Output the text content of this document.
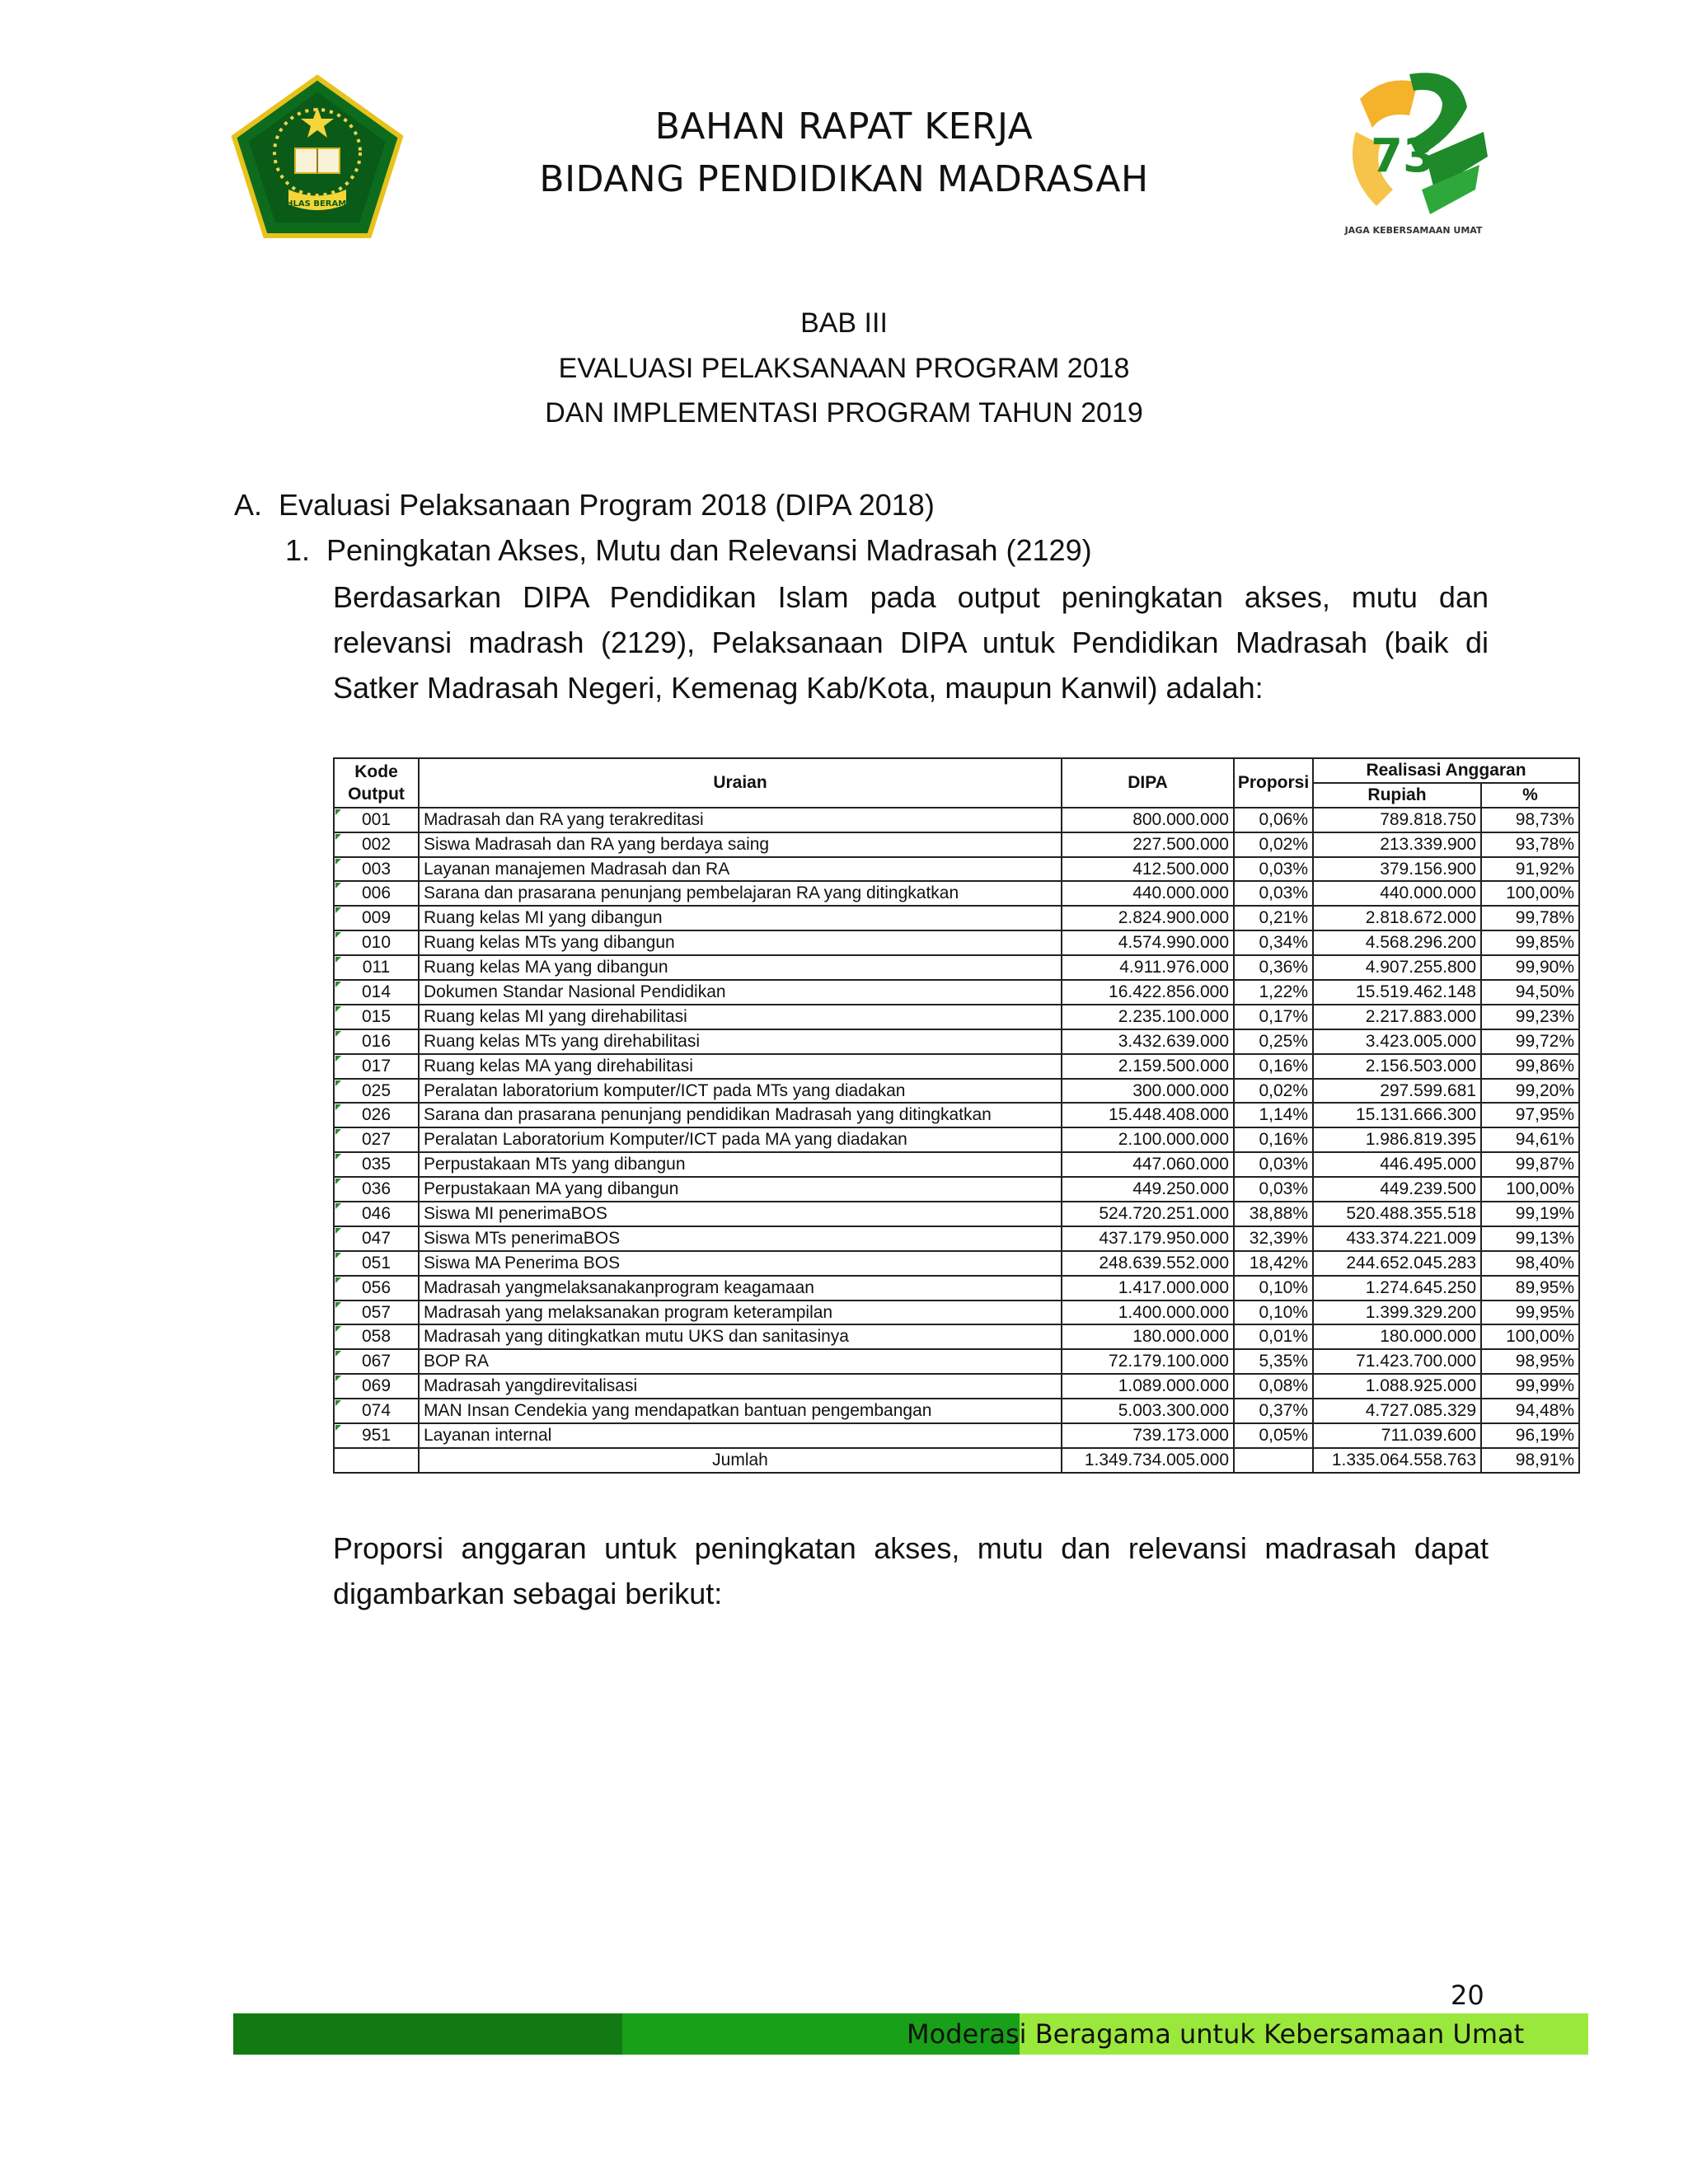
IKHLAS BERAMAL
73
JAGA KEBERSAMAAN UMAT
BAHAN RAPAT KERJA
BIDANG PENDIDIKAN MADRASAH
BAB III
EVALUASI PELAKSANAAN PROGRAM 2018
DAN IMPLEMENTASI PROGRAM TAHUN 2019
A.  Evaluasi Pelaksanaan Program 2018 (DIPA 2018)
1.  Peningkatan Akses, Mutu dan Relevansi Madrasah (2129)
Berdasarkan DIPA Pendidikan Islam pada output peningkatan akses, mutu dan relevansi madrash (2129), Pelaksanaan DIPA untuk Pendidikan Madrasah (baik di Satker Madrasah Negeri, Kemenag Kab/Kota, maupun Kanwil) adalah:
Kode Output	Uraian	DIPA	Proporsi	Realisasi Anggaran	
				Rupiah	%
001	Madrasah dan RA yang terakreditasi	800.000.000	0,06%	789.818.750	98,73%
002	Siswa Madrasah dan RA yang berdaya saing	227.500.000	0,02%	213.339.900	93,78%
003	Layanan manajemen Madrasah dan RA	412.500.000	0,03%	379.156.900	91,92%
006	Sarana dan prasarana penunjang pembelajaran RA yang ditingkatkan	440.000.000	0,03%	440.000.000	100,00%
009	Ruang kelas MI yang dibangun	2.824.900.000	0,21%	2.818.672.000	99,78%
010	Ruang kelas MTs yang dibangun	4.574.990.000	0,34%	4.568.296.200	99,85%
011	Ruang kelas MA yang dibangun	4.911.976.000	0,36%	4.907.255.800	99,90%
014	Dokumen Standar Nasional Pendidikan	16.422.856.000	1,22%	15.519.462.148	94,50%
015	Ruang kelas MI yang direhabilitasi	2.235.100.000	0,17%	2.217.883.000	99,23%
016	Ruang kelas MTs yang direhabilitasi	3.432.639.000	0,25%	3.423.005.000	99,72%
017	Ruang kelas MA yang direhabilitasi	2.159.500.000	0,16%	2.156.503.000	99,86%
025	Peralatan laboratorium komputer/ICT pada MTs yang diadakan	300.000.000	0,02%	297.599.681	99,20%
026	Sarana dan prasarana penunjang pendidikan Madrasah yang ditingkatkan	15.448.408.000	1,14%	15.131.666.300	97,95%
027	Peralatan Laboratorium Komputer/ICT pada MA yang diadakan	2.100.000.000	0,16%	1.986.819.395	94,61%
035	Perpustakaan MTs yang dibangun	447.060.000	0,03%	446.495.000	99,87%
036	Perpustakaan MA yang dibangun	449.250.000	0,03%	449.239.500	100,00%
046	Siswa MI penerimaBOS	524.720.251.000	38,88%	520.488.355.518	99,19%
047	Siswa MTs penerimaBOS	437.179.950.000	32,39%	433.374.221.009	99,13%
051	Siswa MA Penerima BOS	248.639.552.000	18,42%	244.652.045.283	98,40%
056	Madrasah yangmelaksanakanprogram keagamaan	1.417.000.000	0,10%	1.274.645.250	89,95%
057	Madrasah yang melaksanakan program keterampilan	1.400.000.000	0,10%	1.399.329.200	99,95%
058	Madrasah yang ditingkatkan mutu UKS dan sanitasinya	180.000.000	0,01%	180.000.000	100,00%
067	BOP RA	72.179.100.000	5,35%	71.423.700.000	98,95%
069	Madrasah yangdirevitalisasi	1.089.000.000	0,08%	1.088.925.000	99,99%
074	MAN Insan Cendekia yang mendapatkan bantuan pengembangan	5.003.300.000	0,37%	4.727.085.329	94,48%
951	Layanan internal	739.173.000	0,05%	711.039.600	96,19%
	Jumlah	1.349.734.005.000		1.335.064.558.763	98,91%
Proporsi anggaran untuk peningkatan akses, mutu dan relevansi madrasah dapat digambarkan sebagai berikut:
20
Moderasi Beragama untuk Kebersamaan Umat
